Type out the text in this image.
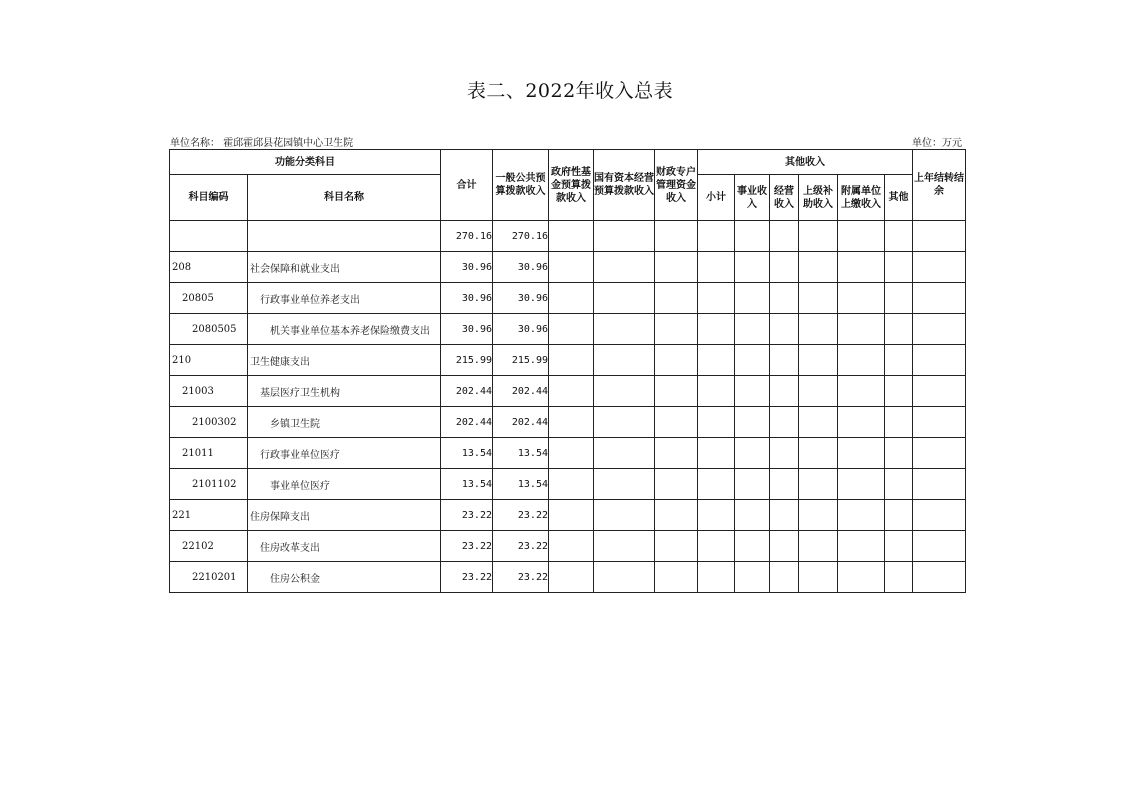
表二、2022年收入总表
单位名称： 霍邱霍邱县花园镇中心卫生院	单位：万元
功能分类科目		合计	一般公共预算拨款收入	政府性基金预算拨款收入	国有资本经营预算拨款收入	财政专户管理资金收入	其他收入						上年结转结余
科目编码	科目名称						小计	事业收入	经营收入	上级补助收入	附属单位上缴收入	其他	
		270.16	270.16										
208	社会保障和就业支出	30.96	30.96										
20805	行政事业单位养老支出	30.96	30.96										
2080505	机关事业单位基本养老保险缴费支出	30.96	30.96										
210	卫生健康支出	215.99	215.99										
21003	基层医疗卫生机构	202.44	202.44										
2100302	乡镇卫生院	202.44	202.44										
21011	行政事业单位医疗	13.54	13.54										
2101102	事业单位医疗	13.54	13.54										
221	住房保障支出	23.22	23.22										
22102	住房改革支出	23.22	23.22										
2210201	住房公积金	23.22	23.22										
